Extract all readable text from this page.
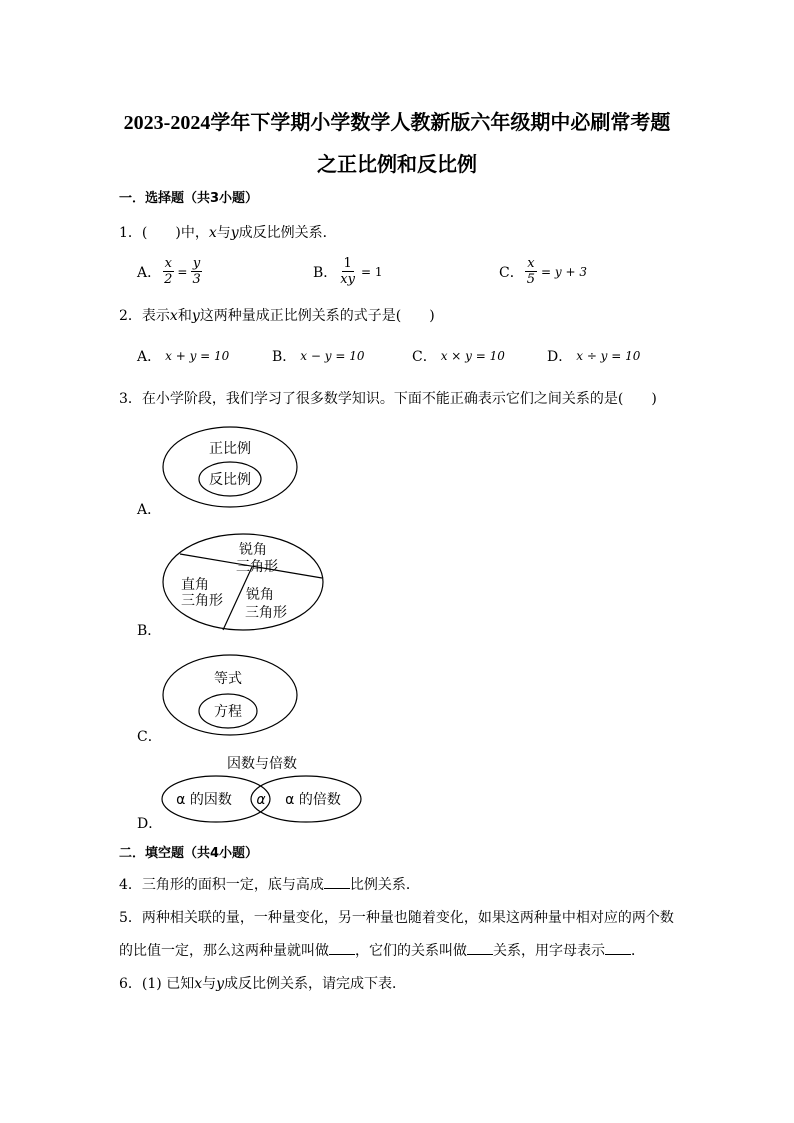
2023-2024学年下学期小学数学人教新版六年级期中必刷常考题
之正比例和反比例
一．选择题（共3小题）
1．(　　)中，x与y成反比例关系．
A． $\frac{x}{2} = \frac{y}{3}$	B． $\frac{1}{xy} = 1$	C． $\frac{x}{5} = y + 3$
2．表示x和y这两种量成正比例关系的式子是(　　)
A． x + y = 10	B． x − y = 10	C． x × y = 10	D． x ÷ y = 10
3．在小学阶段，我们学习了很多数学知识。下面不能正确表示它们之间关系的是(　　)
正比例
反比例
A．
锐角
三角形
直角
三角形 锐角
三角形
B．
等式
方程
C．
因数与倍数
α 的因数 α α 的倍数
D．
二．填空题（共4小题）
4．三角形的面积一定，底与高成 比例关系．
5．两种相关联的量，一种量变化，另一种量也随着变化，如果这两种量中相对应的两个数
的比值一定，那么这两种量就叫做 ，它们的关系叫做 关系，用字母表示 ．
6．(1) 已知x与y成反比例关系，请完成下表．
